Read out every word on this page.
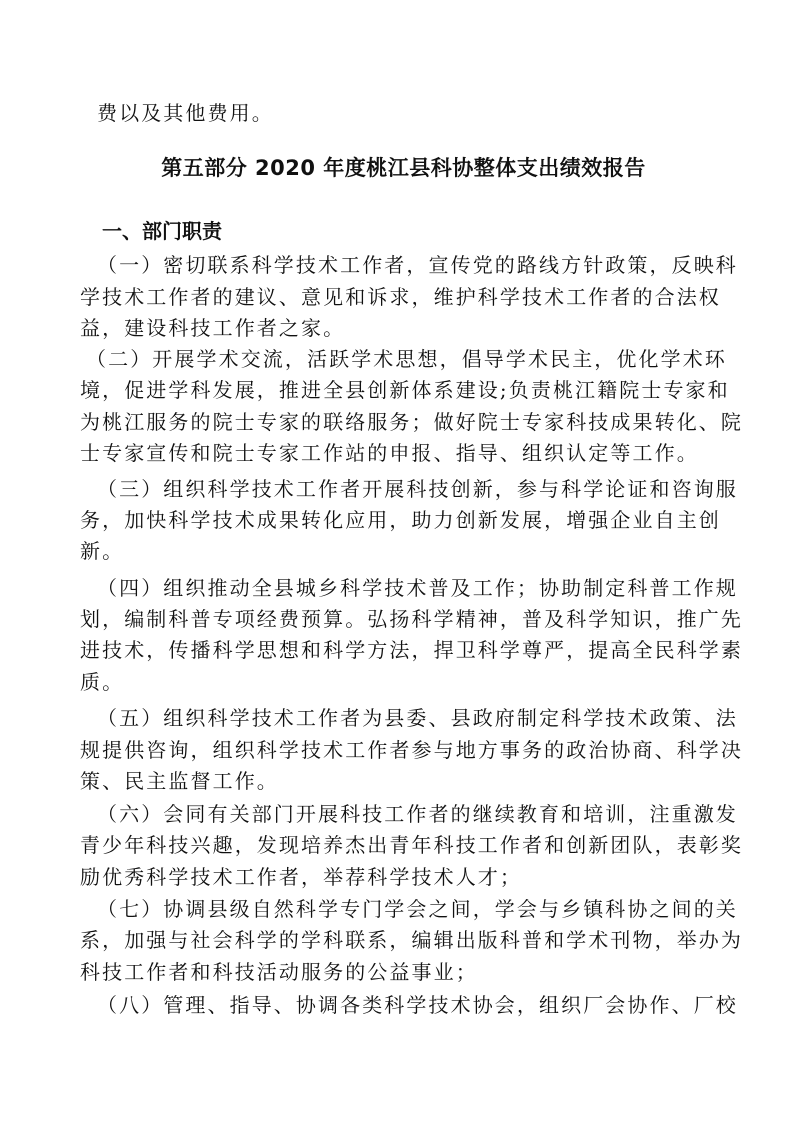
费以及其他费用。
第五部分 2020 年度桃江县科协整体支出绩效报告
一、部门职责
（一）密切联系科学技术工作者，宣传党的路线方针政策，反映科
学技术工作者的建议、意见和诉求，维护科学技术工作者的合法权
益，建设科技工作者之家。
（二）开展学术交流，活跃学术思想，倡导学术民主，优化学术环
境，促进学科发展，推进全县创新体系建设;负责桃江籍院士专家和
为桃江服务的院士专家的联络服务；做好院士专家科技成果转化、院
士专家宣传和院士专家工作站的申报、指导、组织认定等工作。
（三）组织科学技术工作者开展科技创新，参与科学论证和咨询服
务，加快科学技术成果转化应用，助力创新发展，增强企业自主创
新。
（四）组织推动全县城乡科学技术普及工作；协助制定科普工作规
划，编制科普专项经费预算。弘扬科学精神，普及科学知识，推广先
进技术，传播科学思想和科学方法，捍卫科学尊严，提高全民科学素
质。
（五）组织科学技术工作者为县委、县政府制定科学技术政策、法
规提供咨询，组织科学技术工作者参与地方事务的政治协商、科学决
策、民主监督工作。
（六）会同有关部门开展科技工作者的继续教育和培训，注重激发
青少年科技兴趣，发现培养杰出青年科技工作者和创新团队，表彰奖
励优秀科学技术工作者，举荐科学技术人才；
（七）协调县级自然科学专门学会之间，学会与乡镇科协之间的关
系，加强与社会科学的学科联系，编辑出版科普和学术刊物，举办为
科技工作者和科技活动服务的公益事业；
（八）管理、指导、协调各类科学技术协会，组织厂会协作、厂校
